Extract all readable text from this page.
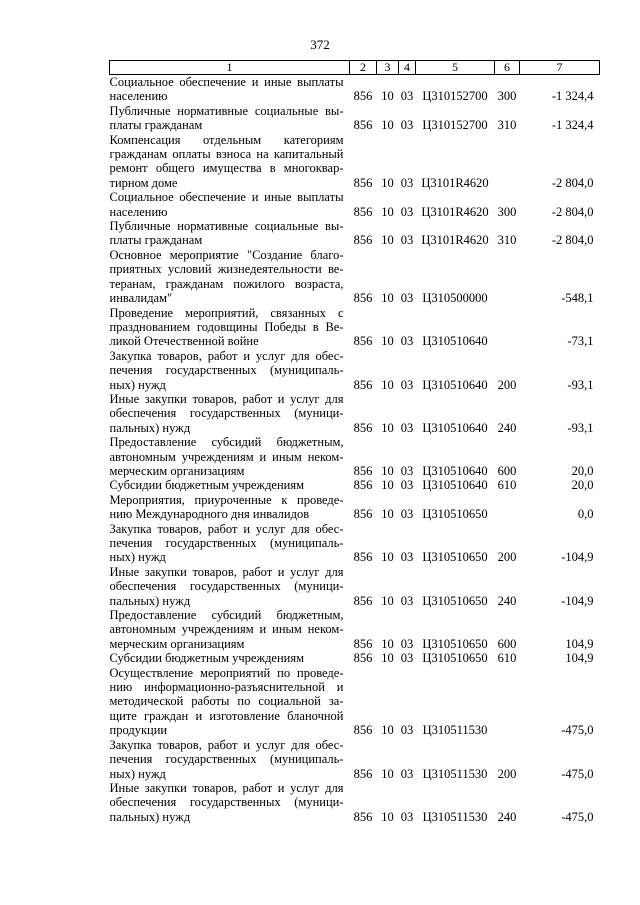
372
1	2	3	4	5	6	7

Социальное обеспечение и иные выплаты
населению	856	10	03	Ц310152700	300	-1 324,4

Публичные нормативные социальные вы-
платы гражданам	856	10	03	Ц310152700	310	-1 324,4

Компенсация отдельным категориям
гражданам оплаты взноса на капитальный
ремонт общего имущества в многоквар-
тирном доме	856	10	03	Ц3101R4620		-2 804,0

Социальное обеспечение и иные выплаты
населению	856	10	03	Ц3101R4620	300	-2 804,0

Публичные нормативные социальные вы-
платы гражданам	856	10	03	Ц3101R4620	310	-2 804,0

Основное мероприятие "Создание благо-
приятных условий жизнедеятельности ве-
теранам, гражданам пожилого возраста,
инвалидам"	856	10	03	Ц310500000		-548,1

Проведение мероприятий, связанных с
празднованием годовщины Победы в Ве-
ликой Отечественной войне	856	10	03	Ц310510640		-73,1

Закупка товаров, работ и услуг для обес-
печения государственных (муниципаль-
ных) нужд	856	10	03	Ц310510640	200	-93,1

Иные закупки товаров, работ и услуг для
обеспечения государственных (муници-
пальных) нужд	856	10	03	Ц310510640	240	-93,1

Предоставление субсидий бюджетным,
автономным учреждениям и иным неком-
мерческим организациям	856	10	03	Ц310510640	600	20,0

Субсидии бюджетным учреждениям	856	10	03	Ц310510640	610	20,0

Мероприятия, приуроченные к проведе-
нию Международного дня инвалидов	856	10	03	Ц310510650		0,0

Закупка товаров, работ и услуг для обес-
печения государственных (муниципаль-
ных) нужд	856	10	03	Ц310510650	200	-104,9

Иные закупки товаров, работ и услуг для
обеспечения государственных (муници-
пальных) нужд	856	10	03	Ц310510650	240	-104,9

Предоставление субсидий бюджетным,
автономным учреждениям и иным неком-
мерческим организациям	856	10	03	Ц310510650	600	104,9

Субсидии бюджетным учреждениям	856	10	03	Ц310510650	610	104,9

Осуществление мероприятий по проведе-
нию информационно-разъяснительной и
методической работы по социальной за-
щите граждан и изготовление бланочной
продукции	856	10	03	Ц310511530		-475,0

Закупка товаров, работ и услуг для обес-
печения государственных (муниципаль-
ных) нужд	856	10	03	Ц310511530	200	-475,0

Иные закупки товаров, работ и услуг для
обеспечения государственных (муници-
пальных) нужд	856	10	03	Ц310511530	240	-475,0
